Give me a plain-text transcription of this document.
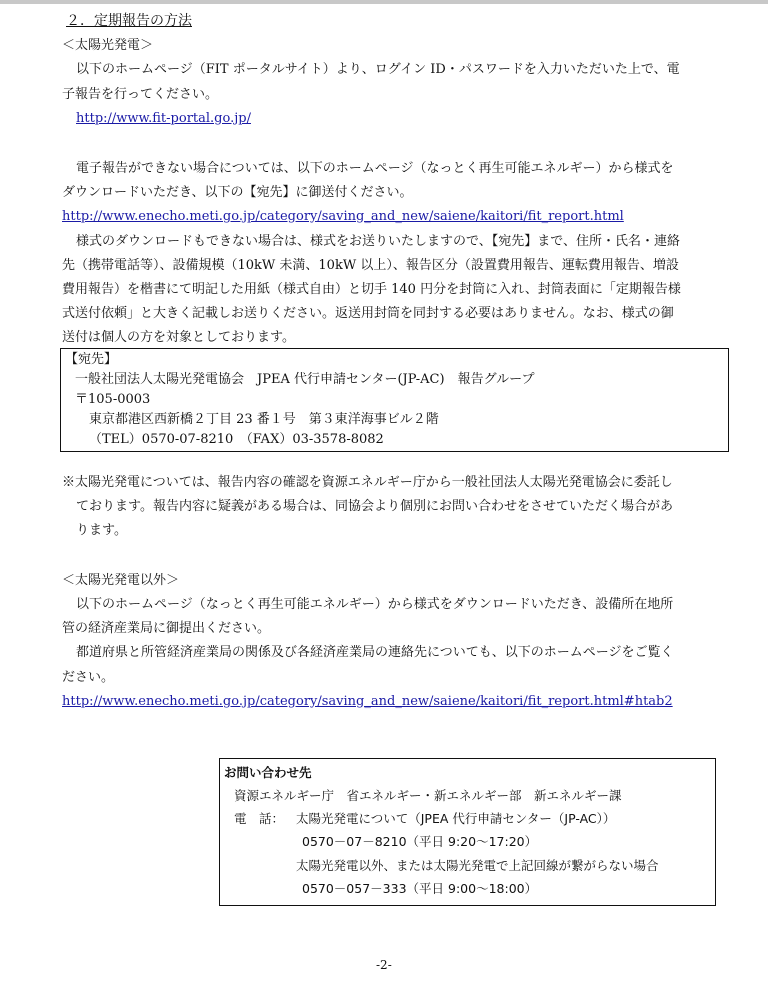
２．定期報告の方法
＜太陽光発電＞
以下のホームページ（FIT ポータルサイト）より、ログイン ID・パスワードを入力いただいた上で、電
子報告を行ってください。
http://www.fit-portal.go.jp/
電子報告ができない場合については、以下のホームページ（なっとく再生可能エネルギー）から様式を
ダウンロードいただき、以下の【宛先】に御送付ください。
http://www.enecho.meti.go.jp/category/saving_and_new/saiene/kaitori/fit_report.html
様式のダウンロードもできない場合は、様式をお送りいたしますので、【宛先】まで、住所・氏名・連絡
先（携帯電話等）、設備規模（10kW 未満、10kW 以上）、報告区分（設置費用報告、運転費用報告、増設
費用報告）を楷書にて明記した用紙（様式自由）と切手 140 円分を封筒に入れ、封筒表面に「定期報告様
式送付依頼」と大きく記載しお送りください。返送用封筒を同封する必要はありません。なお、様式の御
送付は個人の方を対象としております。
【宛先】
一般社団法人太陽光発電協会　JPEA 代行申請センター(JP-AC)　報告グループ
〒105-0003
東京都港区西新橋２丁目 23 番１号　第３東洋海事ビル２階
（TEL）0570-07-8210　（FAX）03-3578-8082
※太陽光発電については、報告内容の確認を資源エネルギー庁から一般社団法人太陽光発電協会に委託し
ております。報告内容に疑義がある場合は、同協会より個別にお問い合わせをさせていただく場合があ
ります。
＜太陽光発電以外＞
以下のホームページ（なっとく再生可能エネルギー）から様式をダウンロードいただき、設備所在地所
管の経済産業局に御提出ください。
都道府県と所管経済産業局の関係及び各経済産業局の連絡先についても、以下のホームページをご覧く
ださい。
http://www.enecho.meti.go.jp/category/saving_and_new/saiene/kaitori/fit_report.html#htab2
お問い合わせ先
資源エネルギー庁　省エネルギー・新エネルギー部　新エネルギー課
電　話： 太陽光発電について（JPEA 代行申請センター（JP-AC））
0570－07－8210（平日 9:20～17:20）
太陽光発電以外、または太陽光発電で上記回線が繋がらない場合
0570－057－333（平日 9:00～18:00）
-2-
